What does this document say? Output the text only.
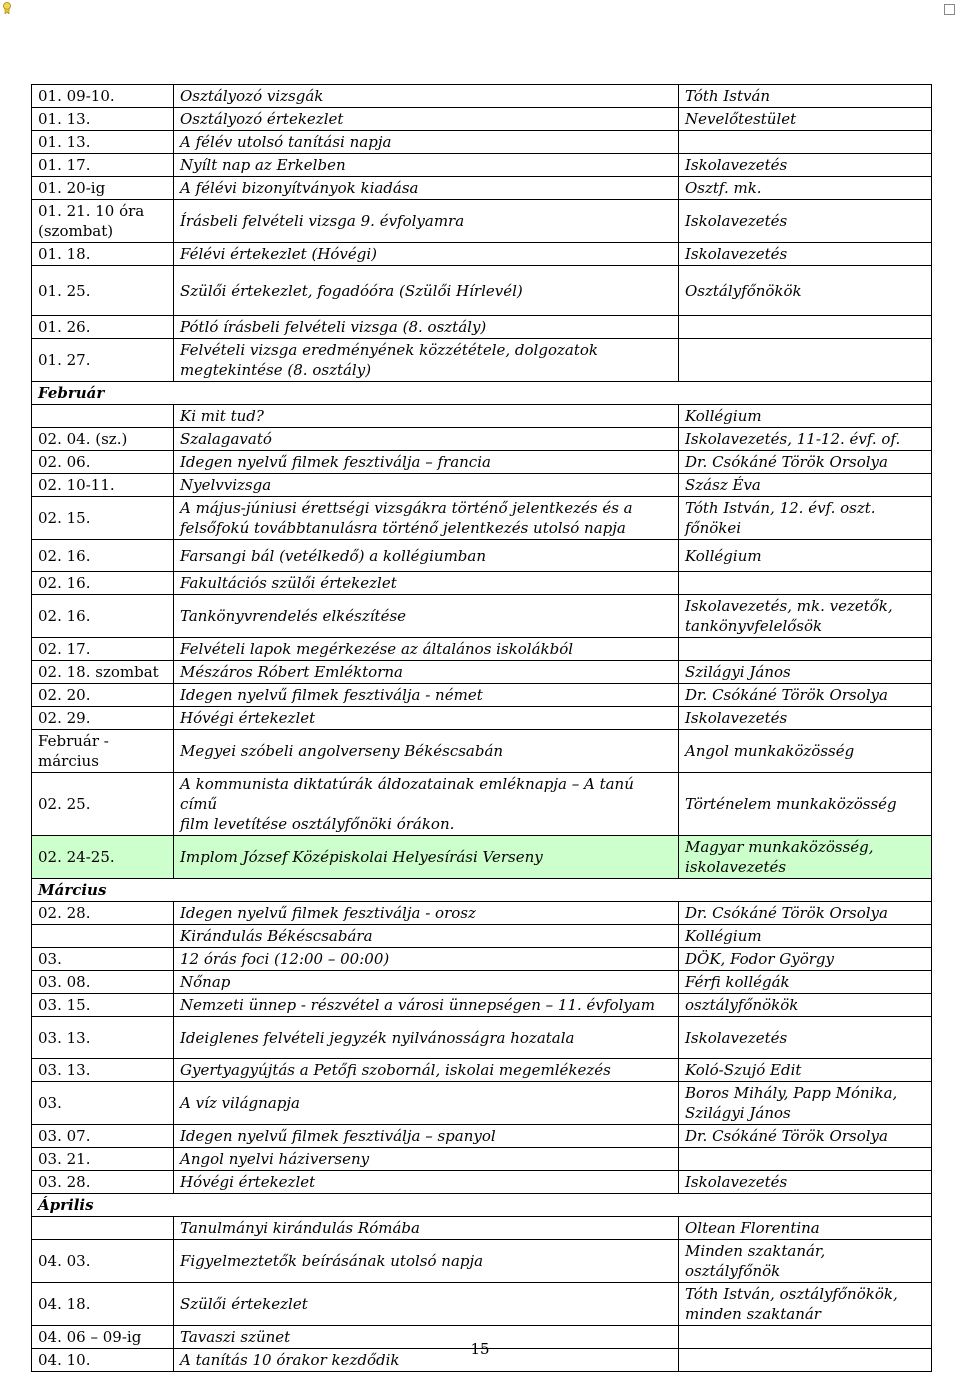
01. 09-10.	Osztályozó vizsgák	Tóth István
01. 13.	Osztályozó értekezlet	Nevelőtestület
01. 13.	A félév utolsó tanítási napja	
01. 17.	Nyílt nap az Erkelben	Iskolavezetés
01. 20-ig	A félévi bizonyítványok kiadása	Osztf. mk.
01. 21. 10 óra
(szombat)	Írásbeli felvételi vizsga 9. évfolyamra	Iskolavezetés
01. 18.	Félévi értekezlet (Hóvégi)	Iskolavezetés
01. 25.	Szülői értekezlet, fogadóóra (Szülői Hírlevél)	Osztályfőnökök
01. 26.	Pótló írásbeli felvételi vizsga (8. osztály)	
01. 27.	Felvételi vizsga eredményének közzététele, dolgozatok
megtekintése (8. osztály)	
Február		
	Ki mit tud?	Kollégium
02. 04. (sz.)	Szalagavató	Iskolavezetés, 11-12. évf. of.
02. 06.	Idegen nyelvű filmek fesztiválja – francia	Dr. Csókáné Török Orsolya
02. 10-11.	Nyelvvizsga	Szász Éva
02. 15.	A május-júniusi érettségi vizsgákra történő jelentkezés és a
felsőfokú továbbtanulásra történő jelentkezés utolsó napja	Tóth István, 12. évf. oszt.
főnökei
02. 16.	Farsangi bál (vetélkedő) a kollégiumban	Kollégium
02. 16.	Fakultációs szülői értekezlet	
02. 16.	Tankönyvrendelés elkészítése	Iskolavezetés, mk. vezetők,
tankönyvfelelősök
02. 17.	Felvételi lapok megérkezése az általános iskolákból	
02. 18. szombat	Mészáros Róbert Emléktorna	Szilágyi János
02. 20.	Idegen nyelvű filmek fesztiválja - német	Dr. Csókáné Török Orsolya
02. 29.	Hóvégi értekezlet	Iskolavezetés
Február -
március	Megyei szóbeli angolverseny Békéscsabán	Angol munkaközösség
02. 25.	A kommunista diktatúrák áldozatainak emléknapja – A tanú című
film levetítése osztályfőnöki órákon.	Történelem munkaközösség
02. 24-25.	Implom József Középiskolai Helyesírási Verseny	Magyar munkaközösség,
iskolavezetés
Március		
02. 28.	Idegen nyelvű filmek fesztiválja - orosz	Dr. Csókáné Török Orsolya
	Kirándulás Békéscsabára	Kollégium
03.	12 órás foci (12:00 – 00:00)	DÖK, Fodor György
03. 08.	Nőnap	Férfi kollégák
03. 15.	Nemzeti ünnep - részvétel a városi ünnepségen – 11. évfolyam	osztályfőnökök
03. 13.	Ideiglenes felvételi jegyzék nyilvánosságra hozatala	Iskolavezetés
03. 13.	Gyertyagyújtás a Petőfi szobornál, iskolai megemlékezés	Koló-Szujó Edit
03.	A víz világnapja	Boros Mihály, Papp Mónika,
Szilágyi János
03. 07.	Idegen nyelvű filmek fesztiválja – spanyol	Dr. Csókáné Török Orsolya
03. 21.	Angol nyelvi háziverseny	
03. 28.	Hóvégi értekezlet	Iskolavezetés
Április		
	Tanulmányi kirándulás Rómába	Oltean Florentina
04. 03.	Figyelmeztetők beírásának utolsó napja	Minden szaktanár, osztályfőnök
04. 18.	Szülői értekezlet	Tóth István, osztályfőnökök,
minden szaktanár
04. 06 – 09-ig	Tavaszi szünet	
04. 10.	A tanítás 10 órakor kezdődik	
15
